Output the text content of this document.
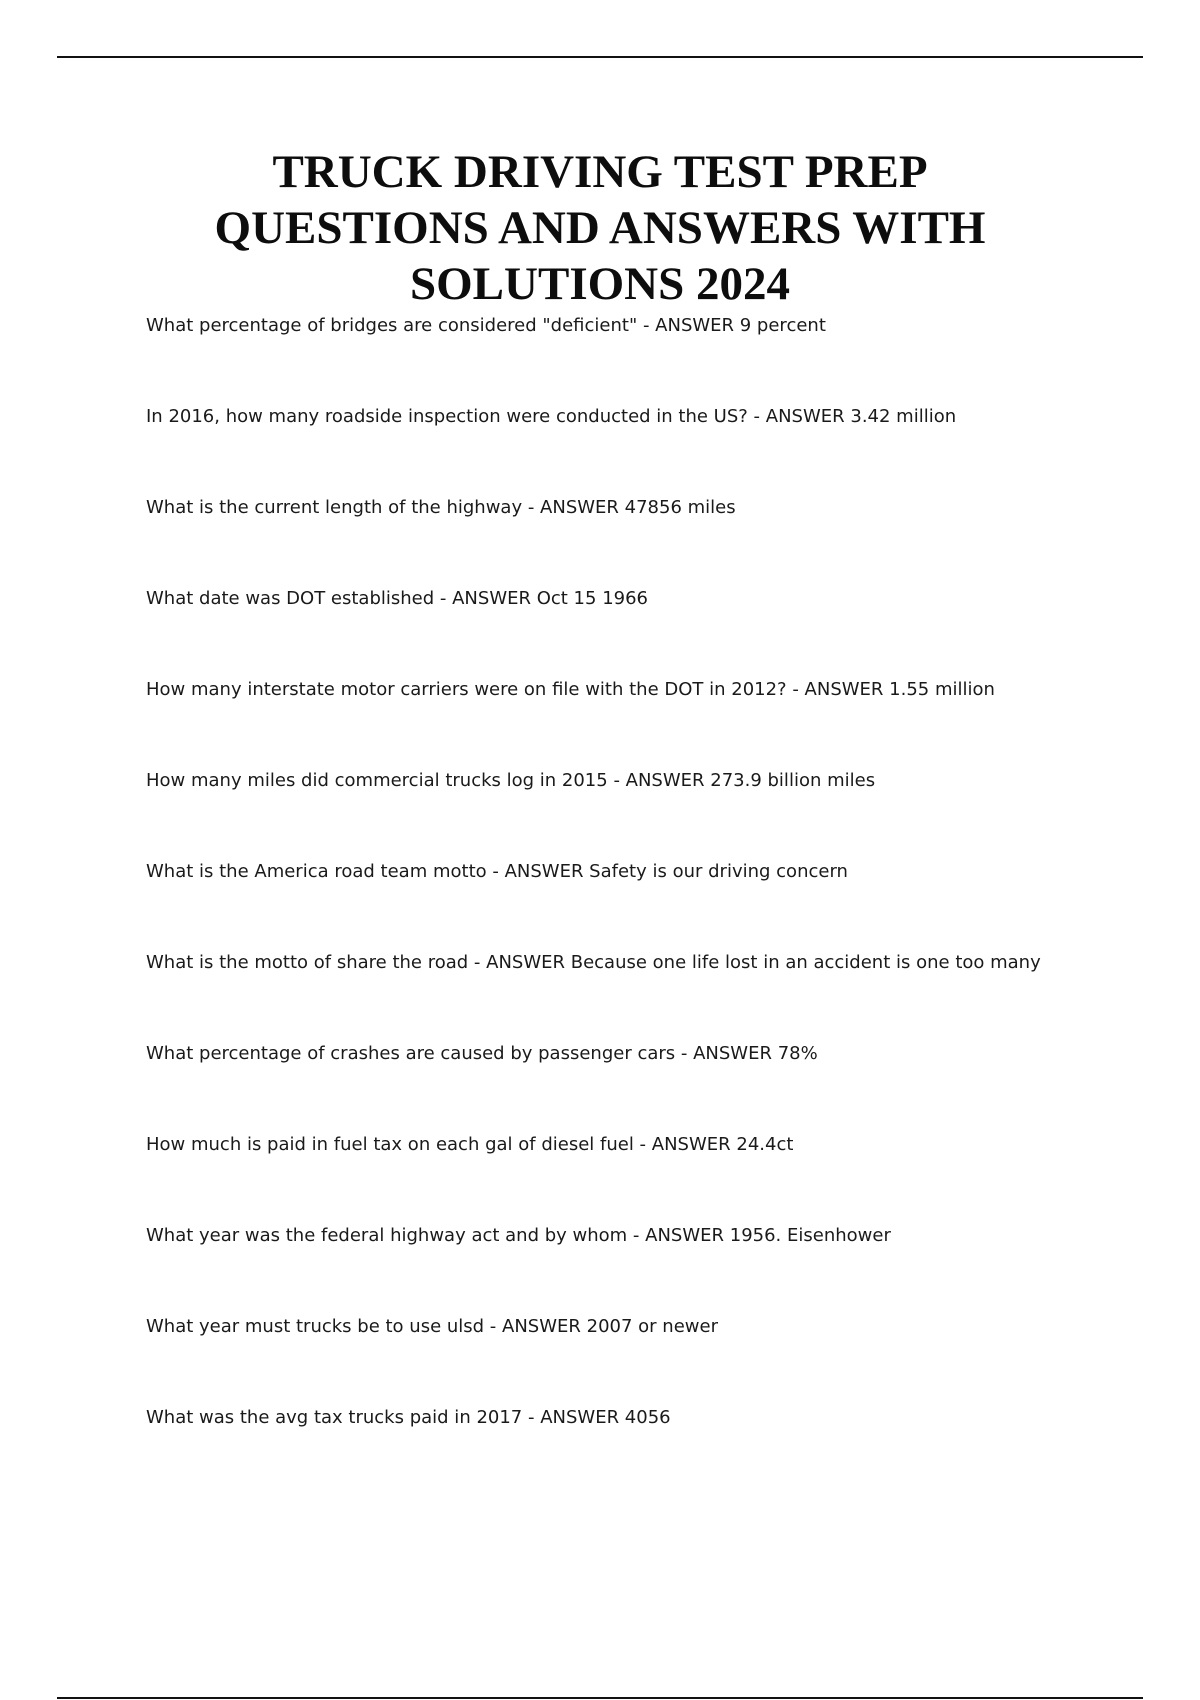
TRUCK DRIVING TEST PREP
QUESTIONS AND ANSWERS WITH
SOLUTIONS 2024
What percentage of bridges are considered "deficient" - ANSWER 9 percent
In 2016, how many roadside inspection were conducted in the US? - ANSWER 3.42 million
What is the current length of the highway - ANSWER 47856 miles
What date was DOT established - ANSWER Oct 15 1966
How many interstate motor carriers were on file with the DOT in 2012? - ANSWER 1.55 million
How many miles did commercial trucks log in 2015 - ANSWER 273.9 billion miles
What is the America road team motto - ANSWER Safety is our driving concern
What is the motto of share the road - ANSWER Because one life lost in an accident is one too many
What percentage of crashes are caused by passenger cars - ANSWER 78%
How much is paid in fuel tax on each gal of diesel fuel - ANSWER 24.4ct
What year was the federal highway act and by whom - ANSWER 1956. Eisenhower
What year must trucks be to use ulsd - ANSWER 2007 or newer
What was the avg tax trucks paid in 2017 - ANSWER 4056
